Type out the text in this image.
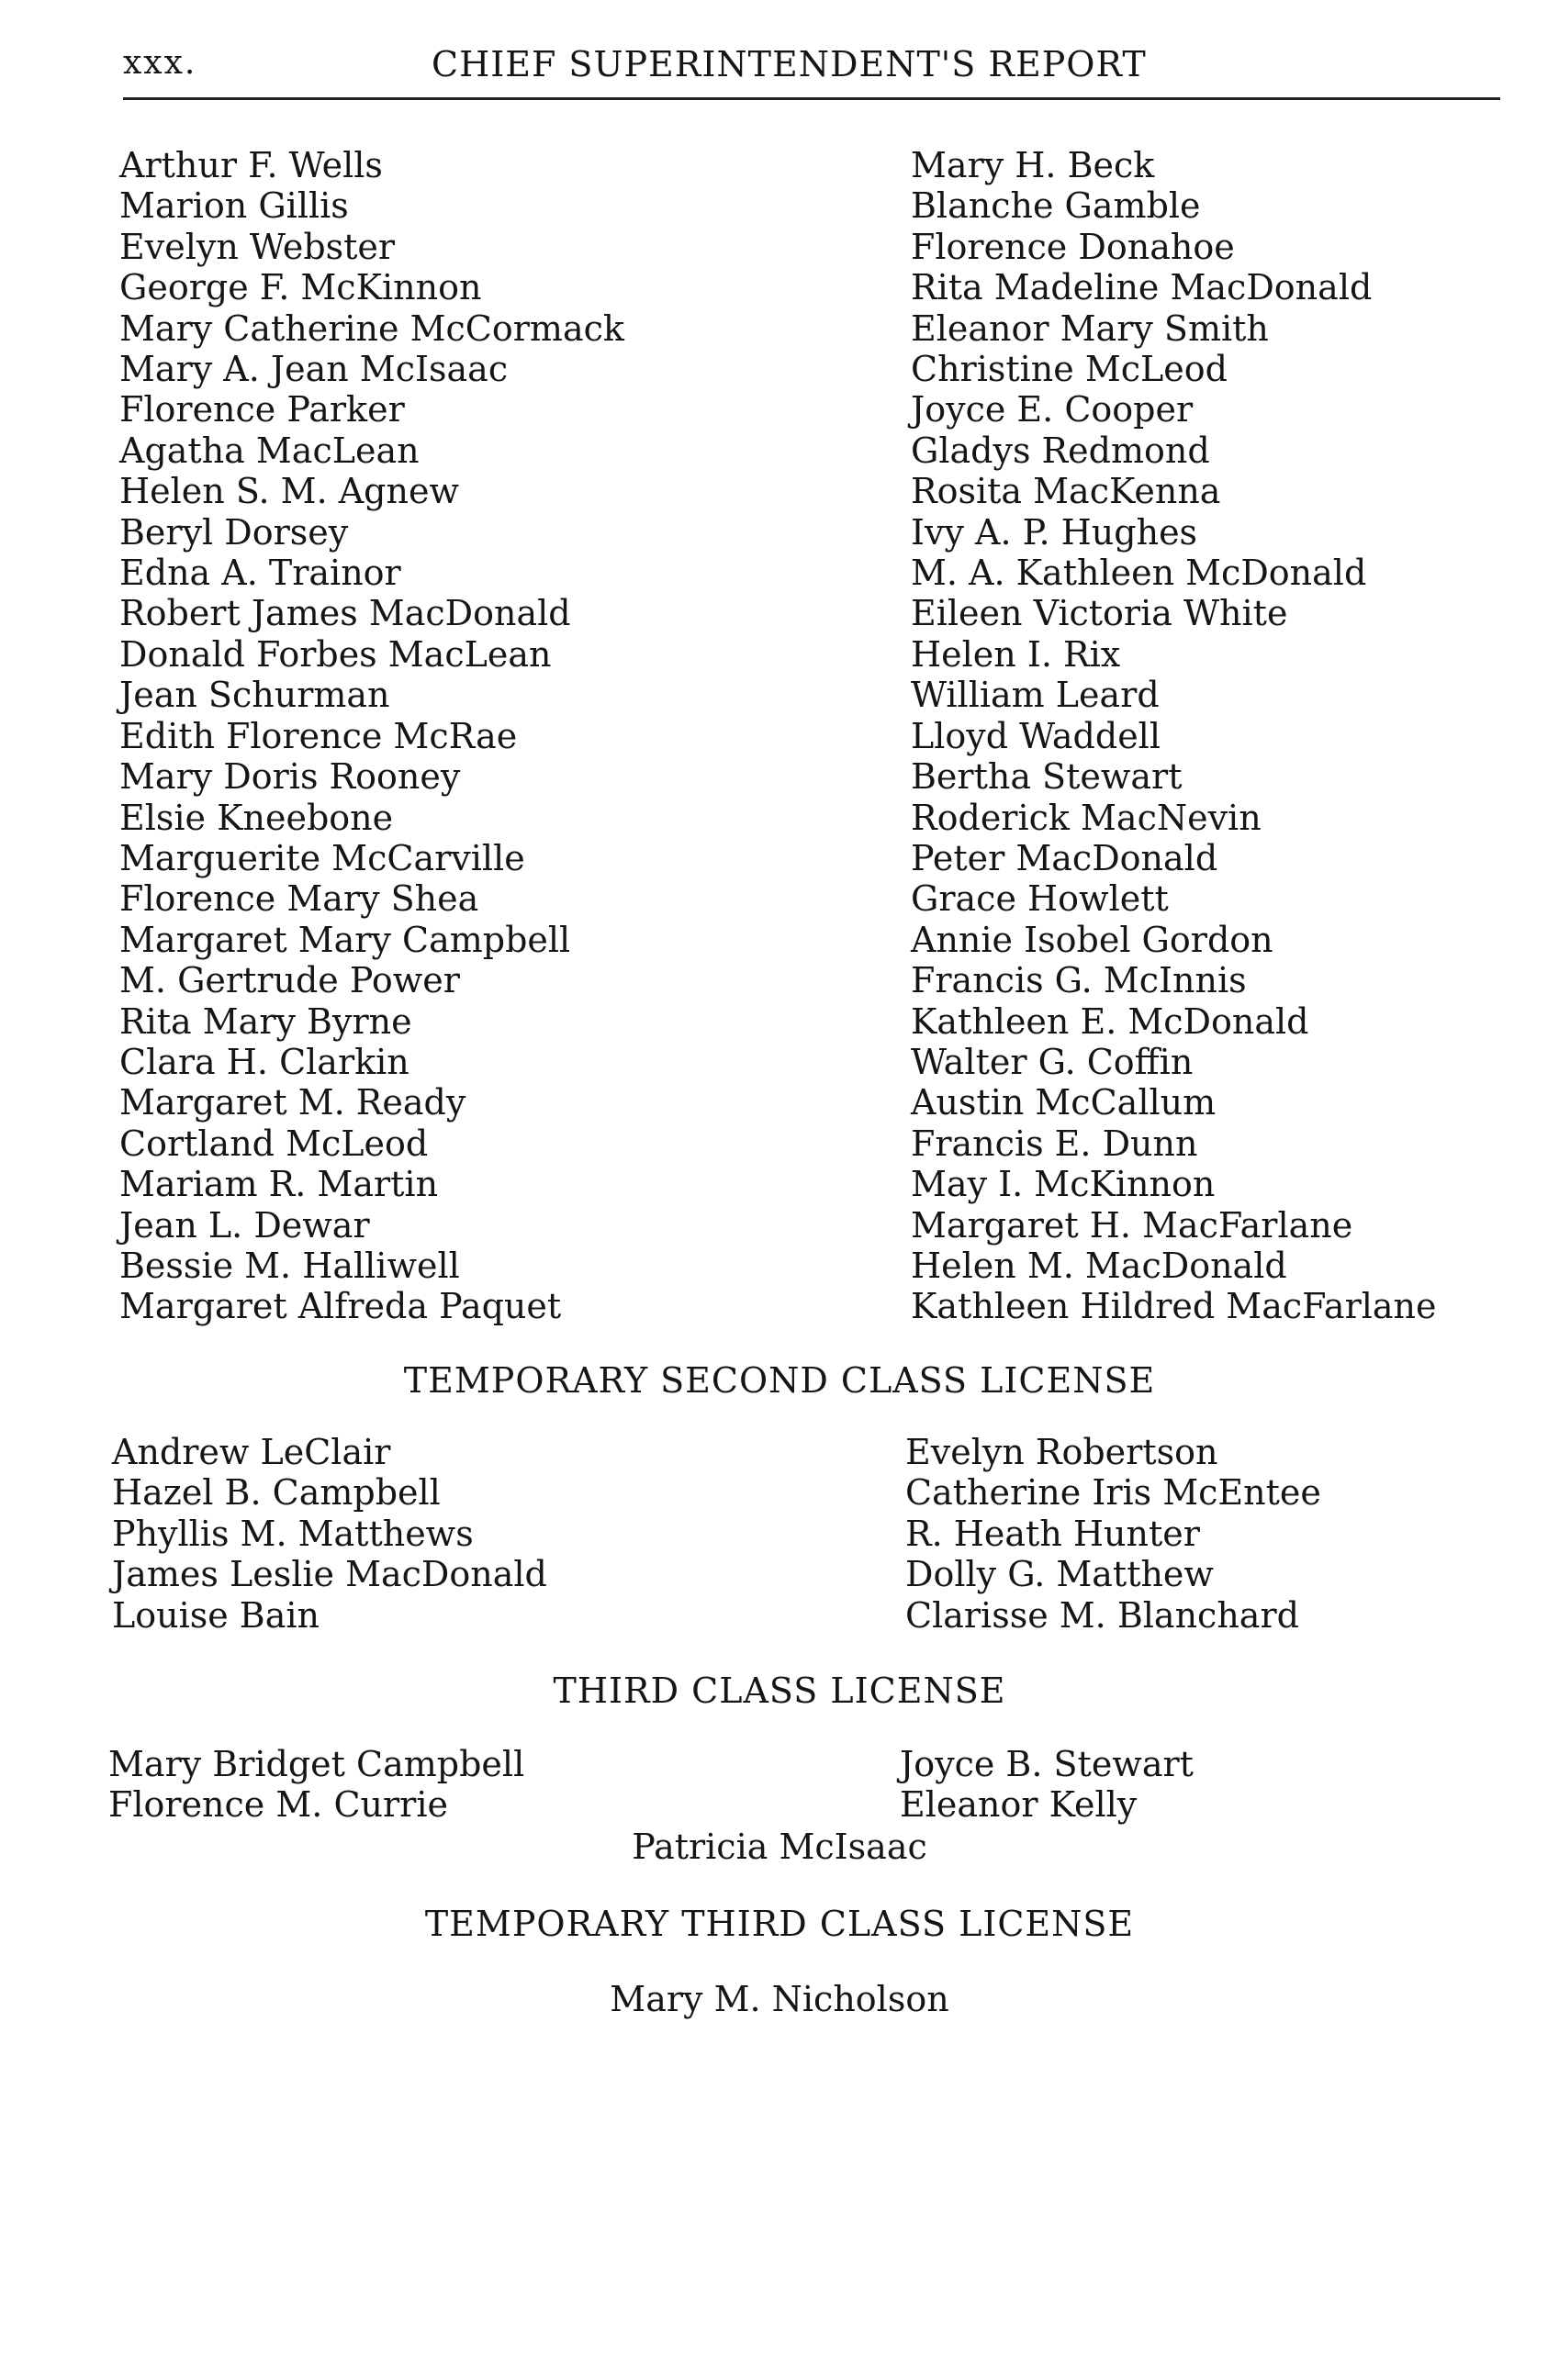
xxx.	CHIEF SUPERINTENDENT'S REPORT
Arthur F. Wells
Marion Gillis
Evelyn Webster
George F. McKinnon
Mary Catherine McCormack
Mary A. Jean McIsaac
Florence Parker
Agatha MacLean
Helen S. M. Agnew
Beryl Dorsey
Edna A. Trainor
Robert James MacDonald
Donald Forbes MacLean
Jean Schurman
Edith Florence McRae
Mary Doris Rooney
Elsie Kneebone
Marguerite McCarville
Florence Mary Shea
Margaret Mary Campbell
M. Gertrude Power
Rita Mary Byrne
Clara H. Clarkin
Margaret M. Ready
Cortland McLeod
Mariam R. Martin
Jean L. Dewar
Bessie M. Halliwell
Margaret Alfreda Paquet
Mary H. Beck
Blanche Gamble
Florence Donahoe
Rita Madeline MacDonald
Eleanor Mary Smith
Christine McLeod
Joyce E. Cooper
Gladys Redmond
Rosita MacKenna
Ivy A. P. Hughes
M. A. Kathleen McDonald
Eileen Victoria White
Helen I. Rix
William Leard
Lloyd Waddell
Bertha Stewart
Roderick MacNevin
Peter MacDonald
Grace Howlett
Annie Isobel Gordon
Francis G. McInnis
Kathleen E. McDonald
Walter G. Coffin
Austin McCallum
Francis E. Dunn
May I. McKinnon
Margaret H. MacFarlane
Helen M. MacDonald
Kathleen Hildred MacFarlane
TEMPORARY SECOND CLASS LICENSE
Andrew LeClair
Hazel B. Campbell
Phyllis M. Matthews
James Leslie MacDonald
Louise Bain
Evelyn Robertson
Catherine Iris McEntee
R. Heath Hunter
Dolly G. Matthew
Clarisse M. Blanchard
THIRD CLASS LICENSE
Mary Bridget Campbell
Florence M. Currie
Joyce B. Stewart
Eleanor Kelly
Patricia McIsaac
TEMPORARY THIRD CLASS LICENSE
Mary M. Nicholson
